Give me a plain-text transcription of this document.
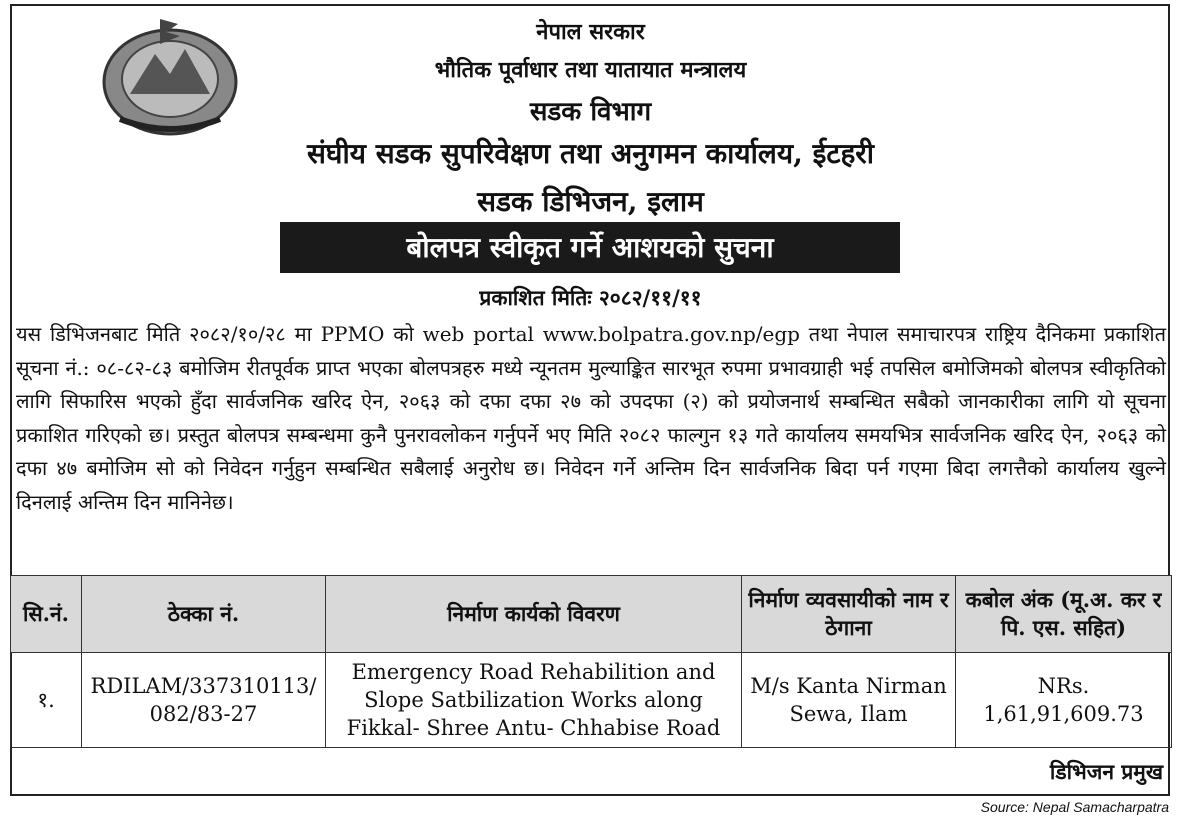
नेपाल सरकार
भौतिक पूर्वाधार तथा यातायात मन्त्रालय
सडक विभाग
संघीय सडक सुपरिवेक्षण तथा अनुगमन कार्यालय, ईटहरी
सडक डिभिजन, इलाम
बोलपत्र स्वीकृत गर्ने आशयको सुचना
प्रकाशित मितिः २०८२/११/११
यस डिभिजनबाट मिति २०८२/१०/२८ मा PPMO को web portal www.bolpatra.gov.np/egp तथा नेपाल समाचारपत्र राष्ट्रिय दैनिकमा प्रकाशित सूचना नं.: ०८-८२-८३ बमोजिम रीतपूर्वक प्राप्त भएका बोलपत्रहरु मध्ये न्यूनतम मुल्याङ्कित सारभूत रुपमा प्रभावग्राही भई तपसिल बमोजिमको बोलपत्र स्वीकृतिको लागि सिफारिस भएको हुँदा सार्वजनिक खरिद ऐन, २०६३ को दफा दफा २७ को उपदफा (२) को प्रयोजनार्थ सम्बन्धित सबैको जानकारीका लागि यो सूचना प्रकाशित गरिएको छ। प्रस्तुत बोलपत्र सम्बन्धमा कुनै पुनरावलोकन गर्नुपर्ने भए मिति २०८२ फाल्गुन १३ गते कार्यालय समयभित्र सार्वजनिक खरिद ऐन, २०६३ को दफा ४७ बमोजिम सो को निवेदन गर्नुहुन सम्बन्धित सबैलाई अनुरोध छ। निवेदन गर्ने अन्तिम दिन सार्वजनिक बिदा पर्न गएमा बिदा लगत्तैको कार्यालय खुल्ने दिनलाई अन्तिम दिन मानिनेछ।
सि.नं.	ठेक्का नं.	निर्माण कार्यको विवरण	निर्माण व्यवसायीको नाम र ठेगाना	कबोल अंक (मू.अ. कर र पि. एस. सहित)
१.	RDILAM/337310113/ 082/83-27	Emergency Road Rehabilition and Slope Satbilization Works along Fikkal- Shree Antu- Chhabise Road	M/s Kanta Nirman Sewa, Ilam	NRs. 1,61,91,609.73
डिभिजन प्रमुख
Source: Nepal Samacharpatra
